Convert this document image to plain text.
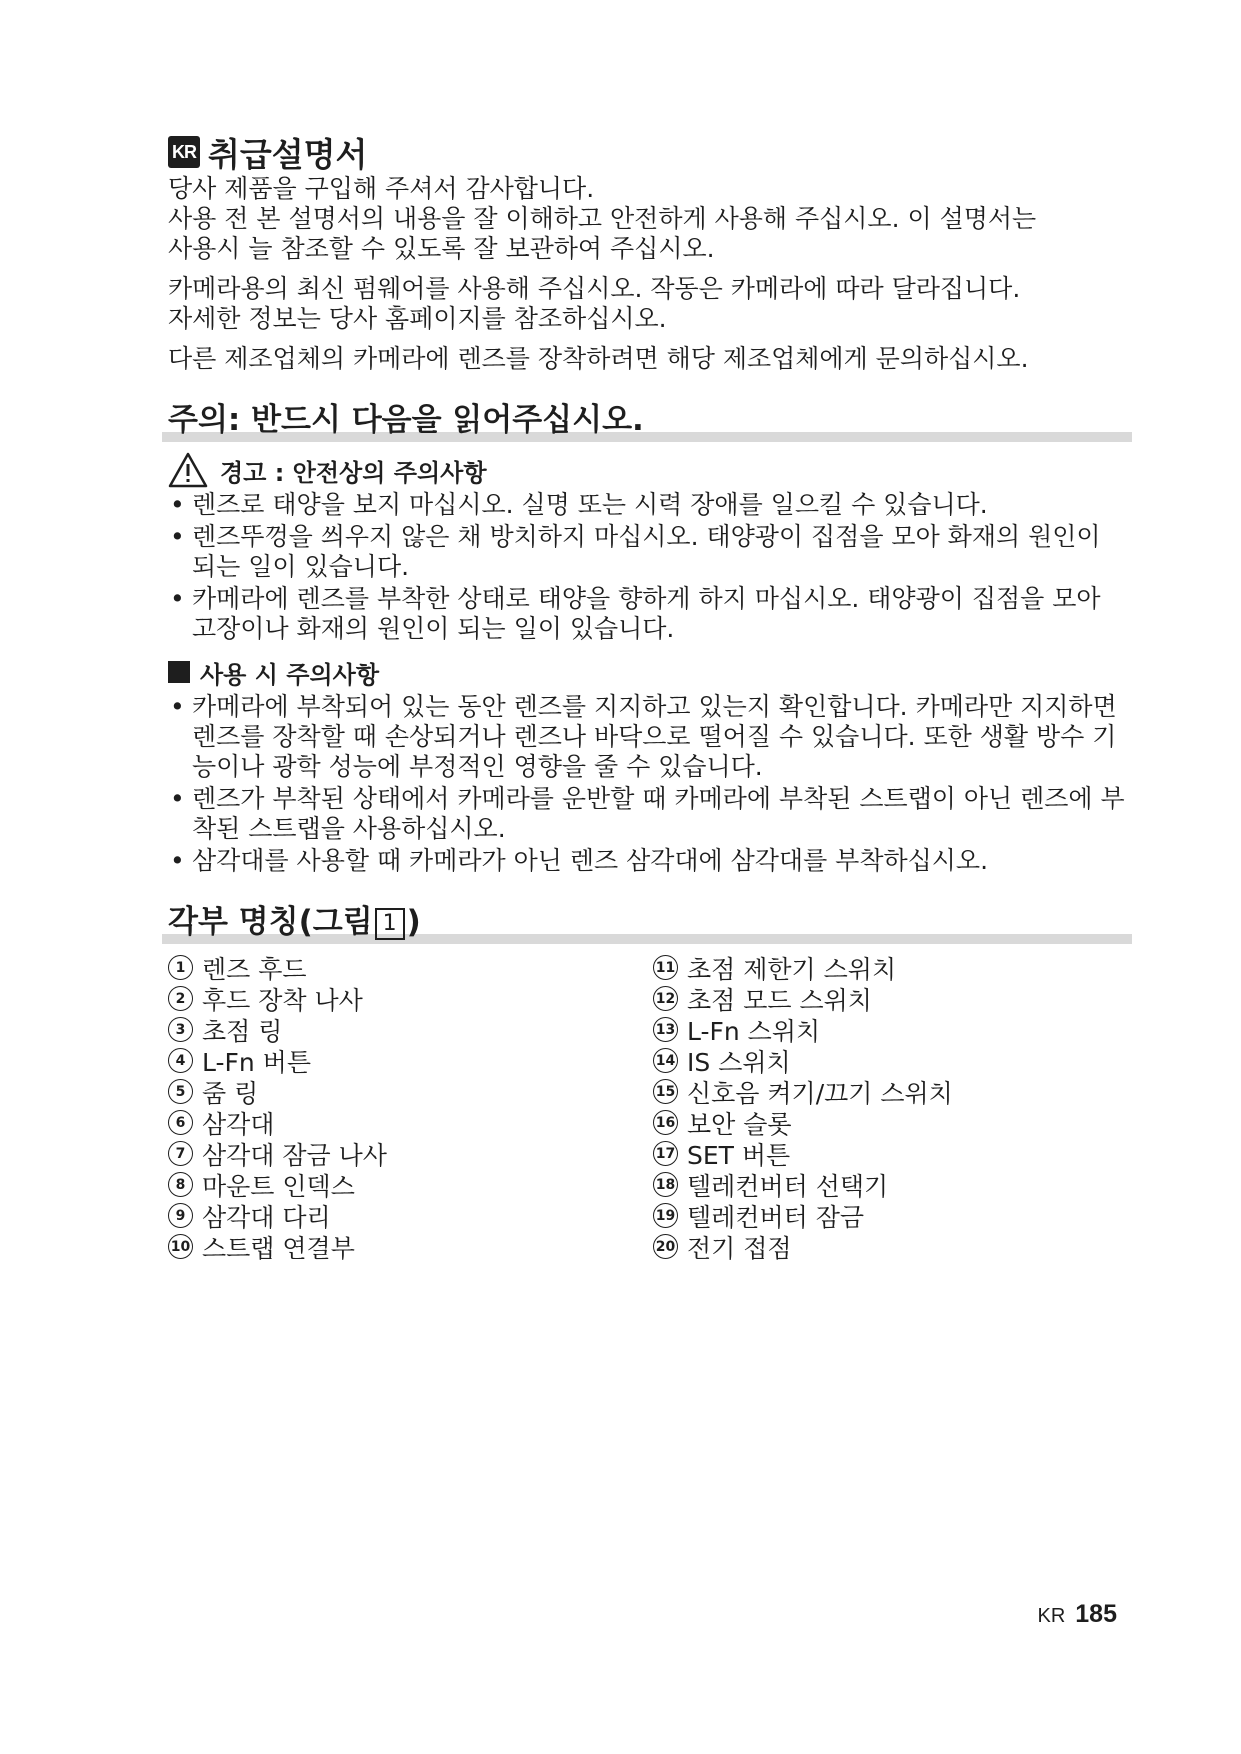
KR 취급설명서

당사 제품을 구입해 주셔서 감사합니다.

사용 전 본 설명서의 내용을 잘 이해하고 안전하게 사용해 주십시오. 이 설명서는

사용시 늘 참조할 수 있도록 잘 보관하여 주십시오.

카메라용의 최신 펌웨어를 사용해 주십시오. 작동은 카메라에 따라 달라집니다.

자세한 정보는 당사 홈페이지를 참조하십시오.

다른 제조업체의 카메라에 렌즈를 장착하려면 해당 제조업체에게 문의하십시오.

주의: 반드시 다음을 읽어주십시오.
경고 : 안전상의 주의사항
• 렌즈로 태양을 보지 마십시오. 실명 또는 시력 장애를 일으킬 수 있습니다.
• 렌즈뚜껑을 씌우지 않은 채 방치하지 마십시오. 태양광이 집점을 모아 화재의 원인이 되는 일이 있습니다.
• 카메라에 렌즈를 부착한 상태로 태양을 향하게 하지 마십시오. 태양광이 집점을 모아 고장이나 화재의 원인이 되는 일이 있습니다.
사용 시 주의사항
• 카메라에 부착되어 있는 동안 렌즈를 지지하고 있는지 확인합니다. 카메라만 지지하면 렌즈를 장착할 때 손상되거나 렌즈나 바닥으로 떨어질 수 있습니다. 또한 생활 방수 기능이나 광학 성능에 부정적인 영향을 줄 수 있습니다.
• 렌즈가 부착된 상태에서 카메라를 운반할 때 카메라에 부착된 스트랩이 아닌 렌즈에 부착된 스트랩을 사용하십시오.
• 삼각대를 사용할 때 카메라가 아닌 렌즈 삼각대에 삼각대를 부착하십시오.
각부 명칭(그림 1 )
1 렌즈 후드
2 후드 장착 나사
3 초점 링
4 L-Fn 버튼
5 줌 링
6 삼각대
7 삼각대 잠금 나사
8 마운트 인덱스
9 삼각대 다리
10 스트랩 연결부
11 초점 제한기 스위치
12 초점 모드 스위치
13 L-Fn 스위치
14 IS 스위치
15 신호음 켜기/끄기 스위치
16 보안 슬롯
17 SET 버튼
18 텔레컨버터 선택기
19 텔레컨버터 잠금
20 전기 접점
KR 185
